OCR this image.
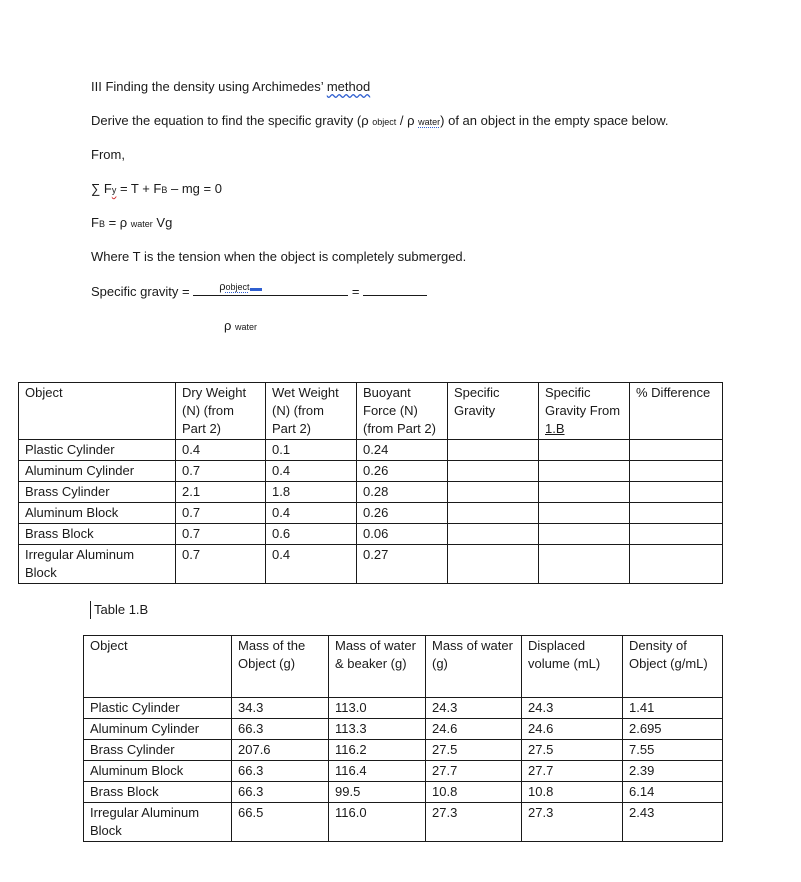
III Finding the density using Archimedes’ method
Derive the equation to find the specific gravity (ρ object / ρ water) of an object in the empty space below.
From,
∑ Fy = T + FB – mg = 0
FB = ρ water Vg
Where T is the tension when the object is completely submerged.
Specific gravity = ρobject	=
ρ water
Object	Dry Weight (N) (from Part 2)	Wet Weight (N) (from Part 2)	Buoyant Force (N) (from Part 2)	Specific Gravity	Specific Gravity From 1.B	% Difference
Plastic Cylinder	0.4	0.1	0.24			
Aluminum Cylinder	0.7	0.4	0.26			
Brass Cylinder	2.1	1.8	0.28			
Aluminum Block	0.7	0.4	0.26			
Brass Block	0.7	0.6	0.06			
Irregular Aluminum Block	0.7	0.4	0.27			
Table 1.B
Object	Mass of the Object (g)	Mass of water & beaker (g)	Mass of water (g)	Displaced volume (mL)	Density of Object (g/mL)
Plastic Cylinder	34.3	113.0	24.3	24.3	1.41
Aluminum Cylinder	66.3	113.3	24.6	24.6	2.695
Brass Cylinder	207.6	116.2	27.5	27.5	7.55
Aluminum Block	66.3	116.4	27.7	27.7	2.39
Brass Block	66.3	99.5	10.8	10.8	6.14
Irregular Aluminum Block	66.5	116.0	27.3	27.3	2.43
